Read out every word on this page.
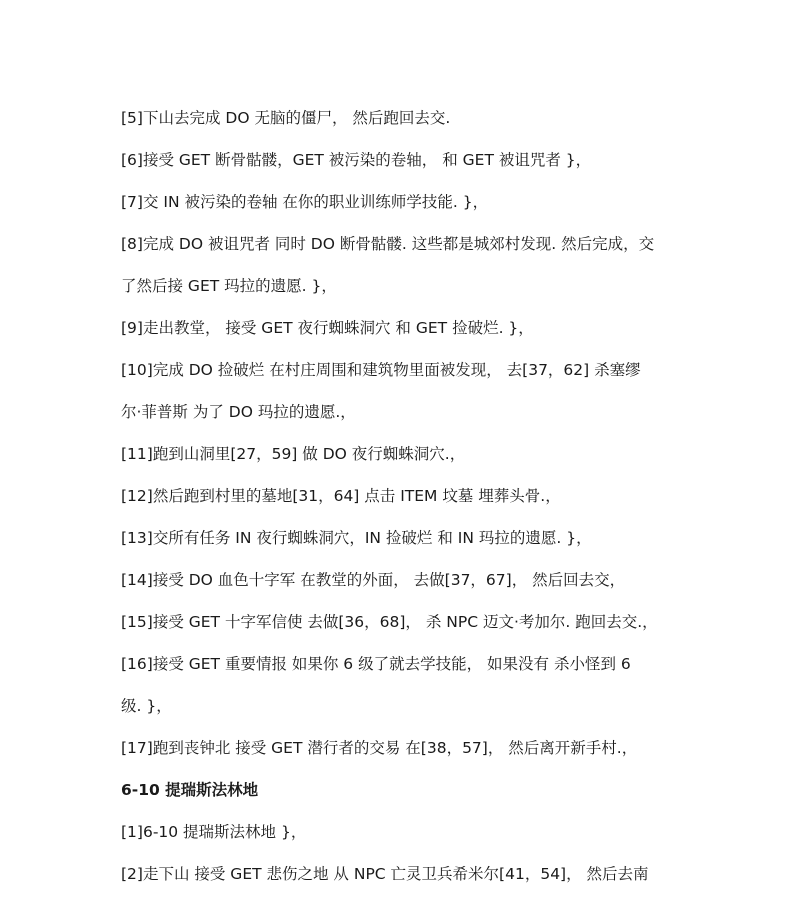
[5]下山去完成 DO 无脑的僵尸， 然后跑回去交.
[6]接受 GET 断骨骷髅，GET 被污染的卷轴， 和 GET 被诅咒者 }，
[7]交 IN 被污染的卷轴 在你的职业训练师学技能. }，
[8]完成 DO 被诅咒者 同时 DO 断骨骷髅. 这些都是城郊村发现. 然后完成，交
了然后接 GET 玛拉的遗愿. }，
[9]走出教堂， 接受 GET 夜行蜘蛛洞穴 和 GET 捡破烂. }，
[10]完成 DO 捡破烂 在村庄周围和建筑物里面被发现， 去[37，62] 杀塞缪
尔·菲普斯 为了 DO 玛拉的遗愿.，
[11]跑到山洞里[27，59] 做 DO 夜行蜘蛛洞穴.，
[12]然后跑到村里的墓地[31，64] 点击 ITEM 坟墓 埋葬头骨.，
[13]交所有任务 IN 夜行蜘蛛洞穴，IN 捡破烂 和 IN 玛拉的遗愿. }，
[14]接受 DO 血色十字军 在教堂的外面， 去做[37，67]， 然后回去交，
[15]接受 GET 十字军信使 去做[36，68]， 杀 NPC 迈文·考加尔. 跑回去交.，
[16]接受 GET 重要情报 如果你 6 级了就去学技能， 如果没有 杀小怪到 6
级. }，
[17]跑到丧钟北 接受 GET 潜行者的交易 在[38，57]， 然后离开新手村.，
6-10 提瑞斯法林地
[1]6-10 提瑞斯法林地 }，
[2]走下山 接受 GET 悲伤之地 从 NPC 亡灵卫兵希米尔[41，54]， 然后去南
